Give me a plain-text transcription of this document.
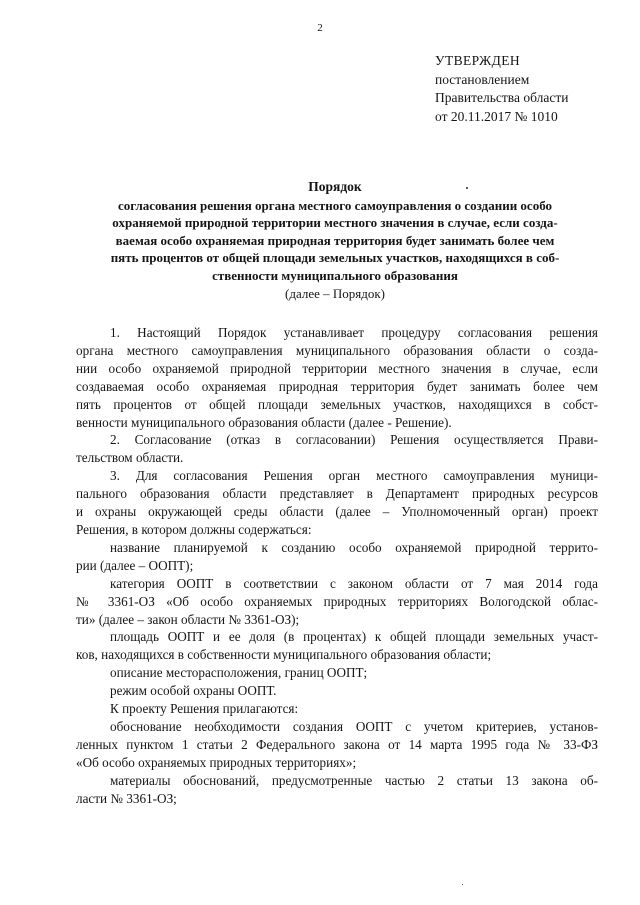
2
УТВЕРЖДЕН
постановлением
Правительства области
от 20.11.2017 № 1010
Порядок
согласования решения органа местного самоуправления о создании особо
охраняемой природной территории местного значения в случае, если созда-
ваемая особо охраняемая природная территория будет занимать более чем
пять процентов от общей площади земельных участков, находящихся в соб-
ственности муниципального образования
(далее – Порядок)
1. Настоящий Порядок устанавливает процедуру согласования решения
органа местного самоуправления муниципального образования области о созда-
нии особо охраняемой природной территории местного значения в случае, если
создаваемая особо охраняемая природная территория будет занимать более чем
пять процентов от общей площади земельных участков, находящихся в собст-
венности муниципального образования области (далее - Решение).
2. Согласование (отказ в согласовании) Решения осуществляется Прави-
тельством области.
3. Для согласования Решения орган местного самоуправления муници-
пального образования области представляет в Департамент природных ресурсов
и охраны окружающей среды области (далее – Уполномоченный орган) проект
Решения, в котором должны содержаться:
название планируемой к созданию особо охраняемой природной террито-
рии (далее – ООПТ);
категория ООПТ в соответствии с законом области от 7 мая 2014 года
№ 3361-ОЗ «Об особо охраняемых природных территориях Вологодской облас-
ти» (далее – закон области № 3361-ОЗ);
площадь ООПТ и ее доля (в процентах) к общей площади земельных участ-
ков, находящихся в собственности муниципального образования области;
описание месторасположения, границ ООПТ;
режим особой охраны ООПТ.
К проекту Решения прилагаются:
обоснование необходимости создания ООПТ с учетом критериев, установ-
ленных пунктом 1 статьи 2 Федерального закона от 14 марта 1995 года № 33-ФЗ
«Об особо охраняемых природных территориях»;
материалы обоснований, предусмотренные частью 2 статьи 13 закона об-
ласти № 3361-ОЗ;
